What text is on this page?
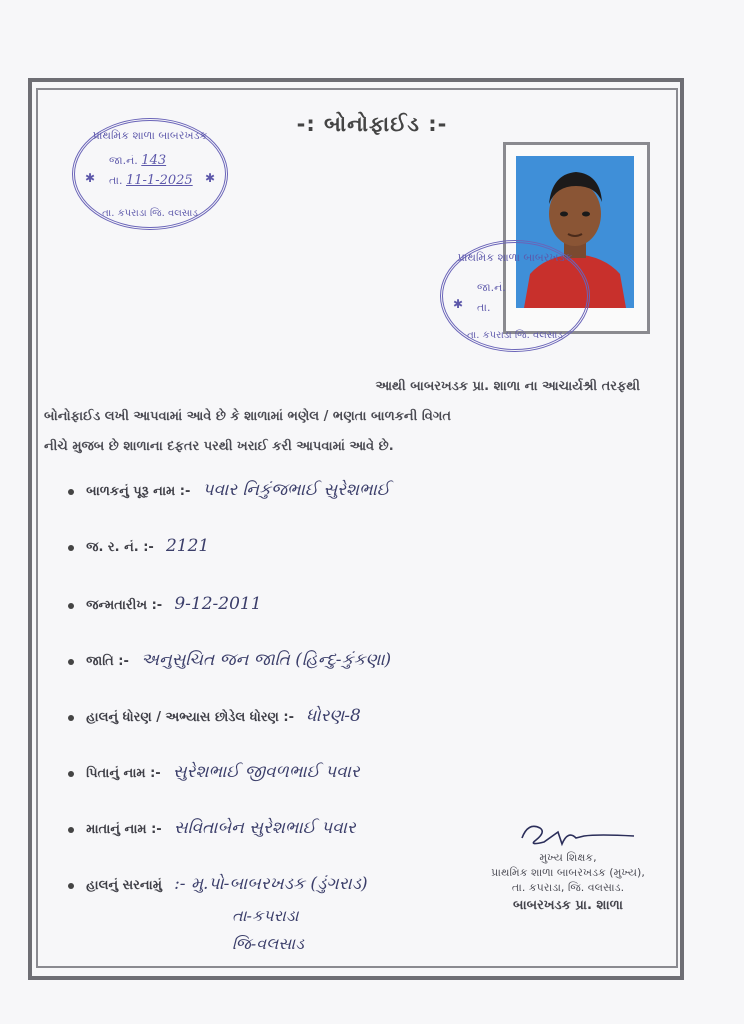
-: બોનોફાઈડ :-
પ્રાથમિક શાળા બાબરખડક
જા.નં. 143
તા. 11-1-2025
✱	✱
તા. કપરાડા જિ. વલસાડ
પ્રાથમિક શાળા બાબરખડક
જા.નં.
તા.
✱
તા. કપરાડા જિ. વલસાડ
આથી બાબરખડક પ્રા. શાળા ના આચાર્યશ્રી તરફથી
બોનોફાઈડ લખી આપવામાં આવે છે કે શાળામાં ભણેલ / ભણતા બાળકની વિગત
નીચે મુજબ છે શાળાના દફતર પરથી ખરાઈ કરી આપવામાં આવે છે.
બાળકનું પૂરૂ નામ :- પવાર નિકુંજભાઈ સુરેશભાઈ
જ. ર. નં. :- 2121
જન્મતારીખ :- 9-12-2011
જાતિ :- અનુસુચિત જન જાતિ (હિન્દુ-કુંકણા)
હાલનું ધોરણ / અભ્યાસ છોડેલ ધોરણ :- ધોરણ-8
પિતાનું નામ :- સુરેશભાઈ જીવળભાઈ પવાર
માતાનું નામ :- સવિતાબેન સુરેશભાઈ પવાર
હાલનું સરનામું :- મુ.પો-બાબરખડક (ડુંગરાડ)
તા-કપરાડા
જિ-વલસાડ
મુખ્ય શિક્ષક,
પ્રાથમિક શાળા બાબરખડક (મુખ્ય),
તા. કપરાડા, જિ. વલસાડ.
બાબરખડક પ્રા. શાળા
